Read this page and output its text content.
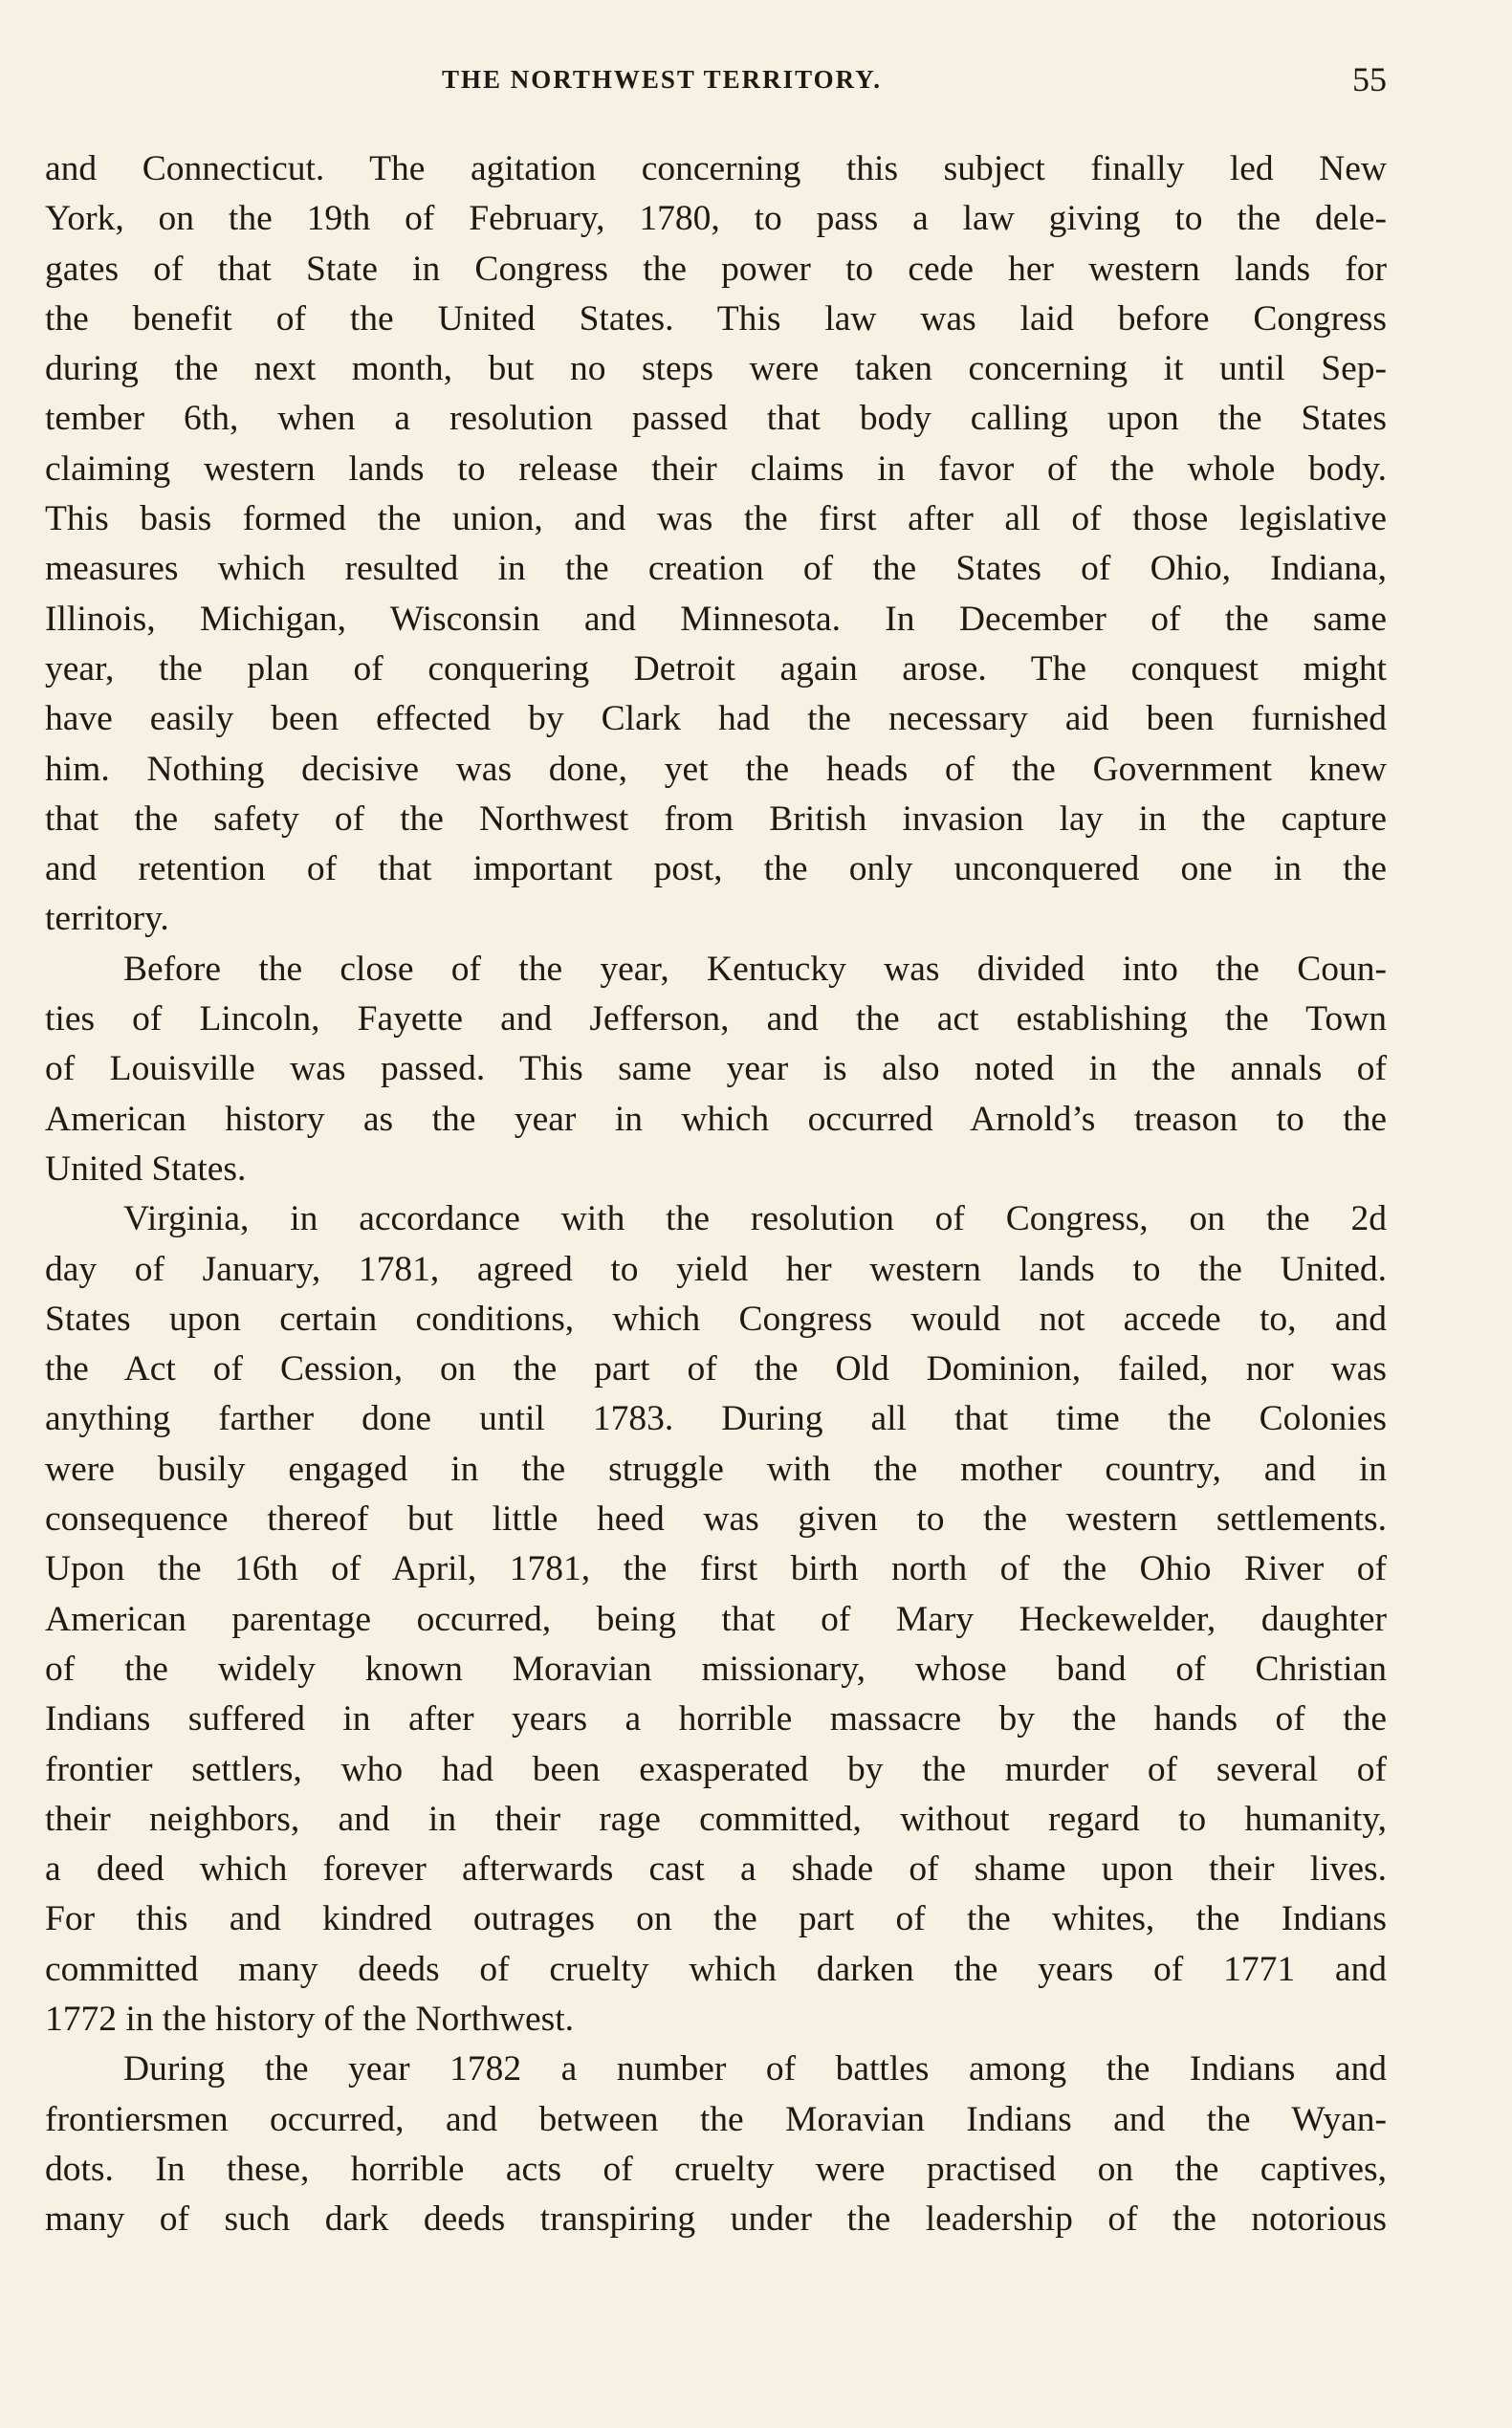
THE NORTHWEST TERRITORY.	55
and Connecticut. The agitation concerning this subject finally led New
York, on the 19th of February, 1780, to pass a law giving to the dele-
gates of that State in Congress the power to cede her western lands for
the benefit of the United States. This law was laid before Congress
during the next month, but no steps were taken concerning it until Sep-
tember 6th, when a resolution passed that body calling upon the States
claiming western lands to release their claims in favor of the whole body.
This basis formed the union, and was the first after all of those legislative
measures which resulted in the creation of the States of Ohio, Indiana,
Illinois, Michigan, Wisconsin and Minnesota. In December of the same
year, the plan of conquering Detroit again arose. The conquest might
have easily been effected by Clark had the necessary aid been furnished
him. Nothing decisive was done, yet the heads of the Government knew
that the safety of the Northwest from British invasion lay in the capture
and retention of that important post, the only unconquered one in the
territory.
Before the close of the year, Kentucky was divided into the Coun-
ties of Lincoln, Fayette and Jefferson, and the act establishing the Town
of Louisville was passed. This same year is also noted in the annals of
American history as the year in which occurred Arnold’s treason to the
United States.
Virginia, in accordance with the resolution of Congress, on the 2d
day of January, 1781, agreed to yield her western lands to the United.
States upon certain conditions, which Congress would not accede to, and
the Act of Cession, on the part of the Old Dominion, failed, nor was
anything farther done until 1783. During all that time the Colonies
were busily engaged in the struggle with the mother country, and in
consequence thereof but little heed was given to the western settlements.
Upon the 16th of April, 1781, the first birth north of the Ohio River of
American parentage occurred, being that of Mary Heckewelder, daughter
of the widely known Moravian missionary, whose band of Christian
Indians suffered in after years a horrible massacre by the hands of the
frontier settlers, who had been exasperated by the murder of several of
their neighbors, and in their rage committed, without regard to humanity,
a deed which forever afterwards cast a shade of shame upon their lives.
For this and kindred outrages on the part of the whites, the Indians
committed many deeds of cruelty which darken the years of 1771 and
1772 in the history of the Northwest.
During the year 1782 a number of battles among the Indians and
frontiersmen occurred, and between the Moravian Indians and the Wyan-
dots. In these, horrible acts of cruelty were practised on the captives,
many of such dark deeds transpiring under the leadership of the notorious
